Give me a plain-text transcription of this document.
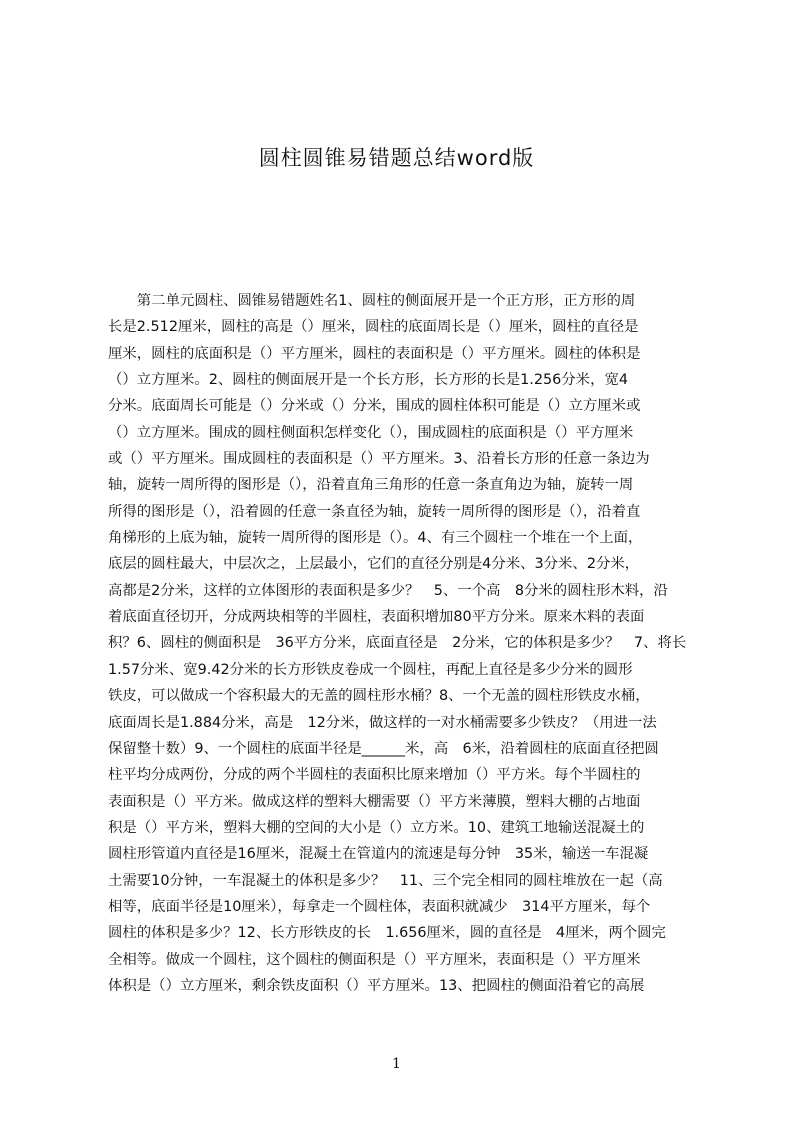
圆柱圆锥易错题总结word版
　　第二单元圆柱、圆锥易错题姓名1、圆柱的侧面展开是一个正方形，正方形的周
长是2.512厘米，圆柱的高是（）厘米，圆柱的底面周长是（）厘米，圆柱的直径是
厘米，圆柱的底面积是（）平方厘米，圆柱的表面积是（）平方厘米。圆柱的体积是
（）立方厘米。2、圆柱的侧面展开是一个长方形，长方形的长是1.256分米，宽4
分米。底面周长可能是（）分米或（）分米，围成的圆柱体积可能是（）立方厘米或
（）立方厘米。围成的圆柱侧面积怎样变化（），围成圆柱的底面积是（）平方厘米
或（）平方厘米。围成圆柱的表面积是（）平方厘米。3、沿着长方形的任意一条边为
轴，旋转一周所得的图形是（），沿着直角三角形的任意一条直角边为轴，旋转一周
所得的图形是（），沿着圆的任意一条直径为轴，旋转一周所得的图形是（），沿着直
角梯形的上底为轴，旋转一周所得的图形是（）。4、有三个圆柱一个堆在一个上面，
底层的圆柱最大，中层次之，上层最小，它们的直径分别是4分米、3分米、2分米，
高都是2分米，这样的立体图形的表面积是多少？　5、一个高　8分米的圆柱形木料，沿
着底面直径切开，分成两块相等的半圆柱，表面积增加80平方分米。原来木料的表面
积？6、圆柱的侧面积是　36平方分米，底面直径是　2分米，它的体积是多少？　7、将长
1.57分米、宽9.42分米的长方形铁皮卷成一个圆柱，再配上直径是多少分米的圆形
铁皮，可以做成一个容积最大的无盖的圆柱形水桶？8、一个无盖的圆柱形铁皮水桶，
底面周长是1.884分米，高是　12分米，做这样的一对水桶需要多少铁皮？（用进一法
保留整十数）9、一个圆柱的底面半径是______米，高　6米，沿着圆柱的底面直径把圆
柱平均分成两份，分成的两个半圆柱的表面积比原来增加（）平方米。每个半圆柱的
表面积是（）平方米。做成这样的塑料大棚需要（）平方米薄膜，塑料大棚的占地面
积是（）平方米，塑料大棚的空间的大小是（）立方米。10、建筑工地输送混凝土的
圆柱形管道内直径是16厘米，混凝土在管道内的流速是每分钟　35米，输送一车混凝
土需要10分钟，一车混凝土的体积是多少？　11、三个完全相同的圆柱堆放在一起（高
相等，底面半径是10厘米），每拿走一个圆柱体，表面积就减少　314平方厘米，每个
圆柱的体积是多少？12、长方形铁皮的长　1.656厘米，圆的直径是　4厘米，两个圆完
全相等。做成一个圆柱，这个圆柱的侧面积是（）平方厘米，表面积是（）平方厘米
体积是（）立方厘米，剩余铁皮面积（）平方厘米。13、把圆柱的侧面沿着它的高展
1
